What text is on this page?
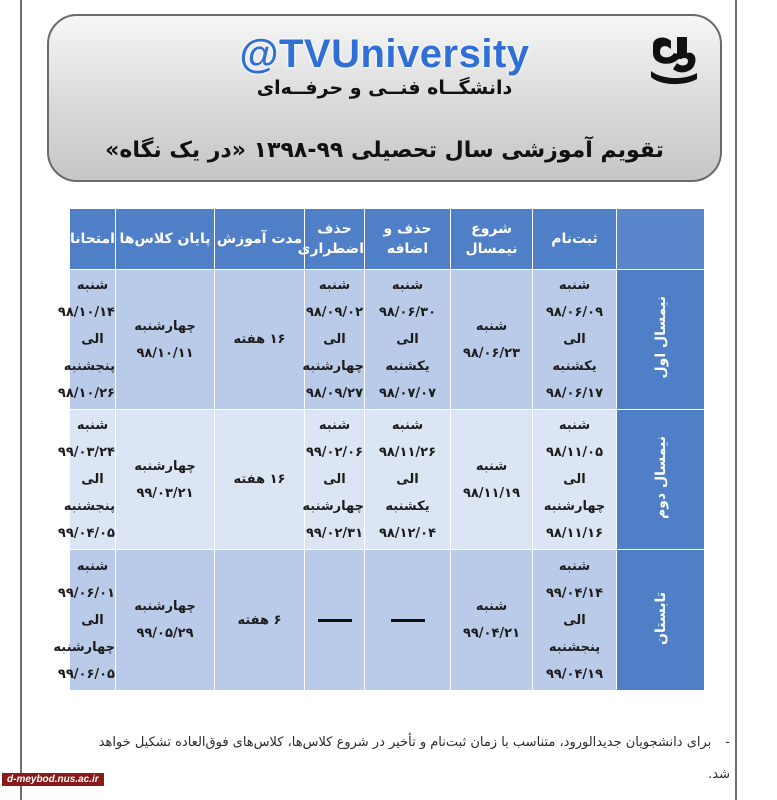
@TVUniversity
دانشگــاه فنــی و حرفــه‌ای
تقویم آموزشی سال تحصیلی ۹۹-۱۳۹۸ «در یک نگاه»
	ثبت‌نام	شروع نیمسال	حذف و اضافه	حذف اضطراری	مدت آموزش	پایان کلاس‌ها	امتحانات
نیمسال اول	شنبه
۹۸/۰۶/۰۹
الی
یکشنبه
۹۸/۰۶/۱۷	شنبه
۹۸/۰۶/۲۳	شنبه
۹۸/۰۶/۳۰
الی
یکشنبه
۹۸/۰۷/۰۷	شنبه
۹۸/۰۹/۰۲
الی
چهارشنبه
۹۸/۰۹/۲۷	۱۶ هفته	چهارشنبه
۹۸/۱۰/۱۱	شنبه
۹۸/۱۰/۱۴
الی
پنجشنبه
۹۸/۱۰/۲۶

نیمسال دوم	شنبه
۹۸/۱۱/۰۵
الی
چهارشنبه
۹۸/۱۱/۱۶	شنبه
۹۸/۱۱/۱۹	شنبه
۹۸/۱۱/۲۶
الی
یکشنبه
۹۸/۱۲/۰۴	شنبه
۹۹/۰۲/۰۶
الی
چهارشنبه
۹۹/۰۲/۳۱	۱۶ هفته	چهارشنبه
۹۹/۰۳/۲۱	شنبه
۹۹/۰۳/۲۴
الی
پنجشنبه
۹۹/۰۴/۰۵

تابستان	شنبه
۹۹/۰۴/۱۴
الی
پنجشنبه
۹۹/۰۴/۱۹	شنبه
۹۹/۰۴/۲۱			۶ هفته	چهارشنبه
۹۹/۰۵/۲۹	شنبه
۹۹/۰۶/۰۱
الی
چهارشنبه
۹۹/۰۶/۰۵
-برای دانشجویان جدیدالورود، متناسب با زمان ثبت‌نام و تأخیر در شروع کلاس‌ها، کلاس‌های فوق‌العاده تشکیل خواهد شد.
d-meybod.nus.ac.ir
